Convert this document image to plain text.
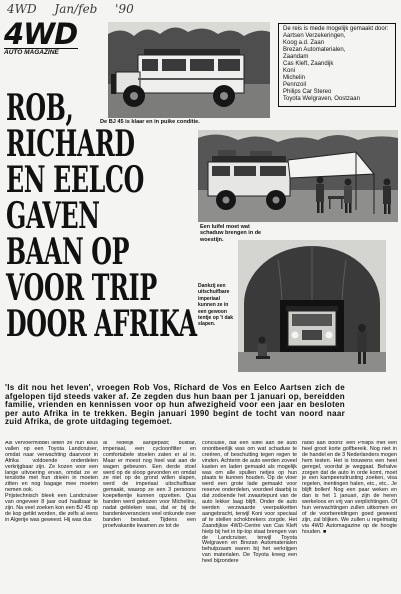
4WD Jan/feb '90
4WD
AUTO MAGAZINE

De BJ 45 is klaar en in puike conditie.

De reis is mede mogelijk gemaakt door:
Aartsen Verzekeringen,
Koog a.d. Zaan
Brezan Automaterialen,
Zaandam
Cas Kleft, Zaandijk
Koni
Michelin
Pennzoil
Philips Car Stereo
Toyota Welgraven, Oostzaan
ROB,
RICHARD
EN EELCO
GAVEN
BAAN OP
VOOR TRIP
DOOR AFRIKA

Een luifel moet wat schaduw brengen in de woestijn.

Dankzij een uitschuifbare imperiaal kunnen ze in een gewoon tentje op 't dak slapen.

'Is dit nou het leven', vroegen Rob Vos, Richard de Vos en Eelco Aartsen zich de afgelopen tijd steeds vaker af. Ze zegden dus hun baan per 1 januari op, bereidden familie, vrienden en kennissen voor op hun afwezigheid voor een jaar en besloten per auto Afrika in te trekken. Begin januari 1990 begint de tocht van noord naar zuid Afrika, de grote uitdaging tegemoet.

Als vervoermiddel lieten ze hun keus vallen op een Toyota Landcruiser, omdat naar verwachting daarvoor in Afrika voldoende onderdelen verkrijgbaar zijn. Ze kozen voor een lange uitvoering ervan, omdat ze er tenslotte met hun drieën in moeten zitten en nog bagage mee moeten nemen ook.

Prijstechnisch bleek een Landcruiser van ongeveer 8 jaar oud haalbaar te zijn. Na veel zoeken kon een BJ 45 op de kop getikt worden, die zelfs al eens in Algerije was geweest. Hij was dus

al redelijk aangepast; bullbar, imperiaal, een cycloonfilter en comfortabele stoelen zaten er al in. Maar er moest nog heel wat aan de wagen gebeuren. Een derde stoel werd op de sloop gevonden en omdat ze niet op de grond willen slapen, werd de imperiaal uitschuifbaar gemaakt, waarop ze een 3 persoons koepeltentje kunnen opzetten. Qua banden werd gekozen voor Michelins, nadat gebleken was, dat er bij de bandenleveranciers veel onkunde over banden bestaat. Tijdens een proefvakantie kwamen ze tot de

conclusie, dat een luifel aan de auto onontbeerlijk was om wat schaduw te creëren, of beschutting tegen regen te vinden. Achterin de auto werden zoveel kasten en laden gemaakt als mogelijk was om alle spullen netjes op hun plaats te kunnen houden. Op de vloer werd een grote lade gemaakt voor reserve onderdelen, voordeel daarbij is dat zodoende het zwaartepunt van de auto lekker laag blijft. Onder de auto werden verzwaarde veerpakketten aangebracht, terwijl Koni voor speciaal af te stellen schokbrekers zorgde. Het Zaandijkse 4WD-Centre van Cas Kleft hielp bij het in tip-top staat brengen van de Landcruiser, terwijl Toyota Welgraven en Brezan Automaterialen behulpzaam waren bij het verkrijgen van materialen. De Toyota kreeg een heel bijzondere

radio aan boord: een Philips met een heel groot korte golfbereik. Nog niet in de handel en de 3 Nederlanders mogen hem testen. Het is trouwens een heel geregel, voordat je weggaat. Behalve zorgen dat de auto in orde komt, moet je een kampeeruitrusting zoeken, visa regelen, inentingen halen, etc., etc.. Je blijft bollen! Nog een paar weken en dan is het 1 januari, zijn de heren werkeloos en vrij van verplichtingen. Of hun verwachtingen zullen uitkomen en of de voorbereidingen goed geweest zijn, zal blijken. We zullen u regelmatig via 4WD Automagazine op de hoogte houden. ■
